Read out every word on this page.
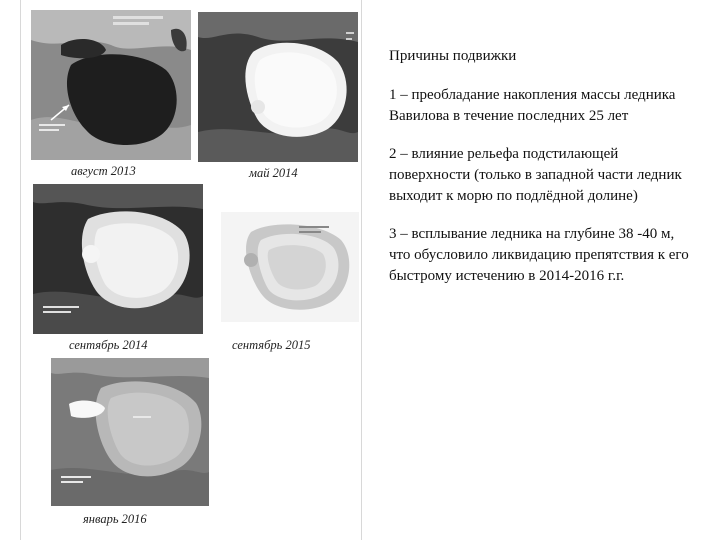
август 2013	май 2014
сентябрь 2014	сентябрь 2015
январь 2016

Причины подвижки

1 – преобладание накопления массы ледника Вавилова в течение последних 25 лет

2 – влияние рельефа подстилающей поверхности (только в западной части ледник выходит к морю по подлёдной долине)

3 – всплывание ледника на глубине 38 -40 м, что обусловило ликвидацию препятствия к его быстрому истечению в 2014-2016 г.г.
